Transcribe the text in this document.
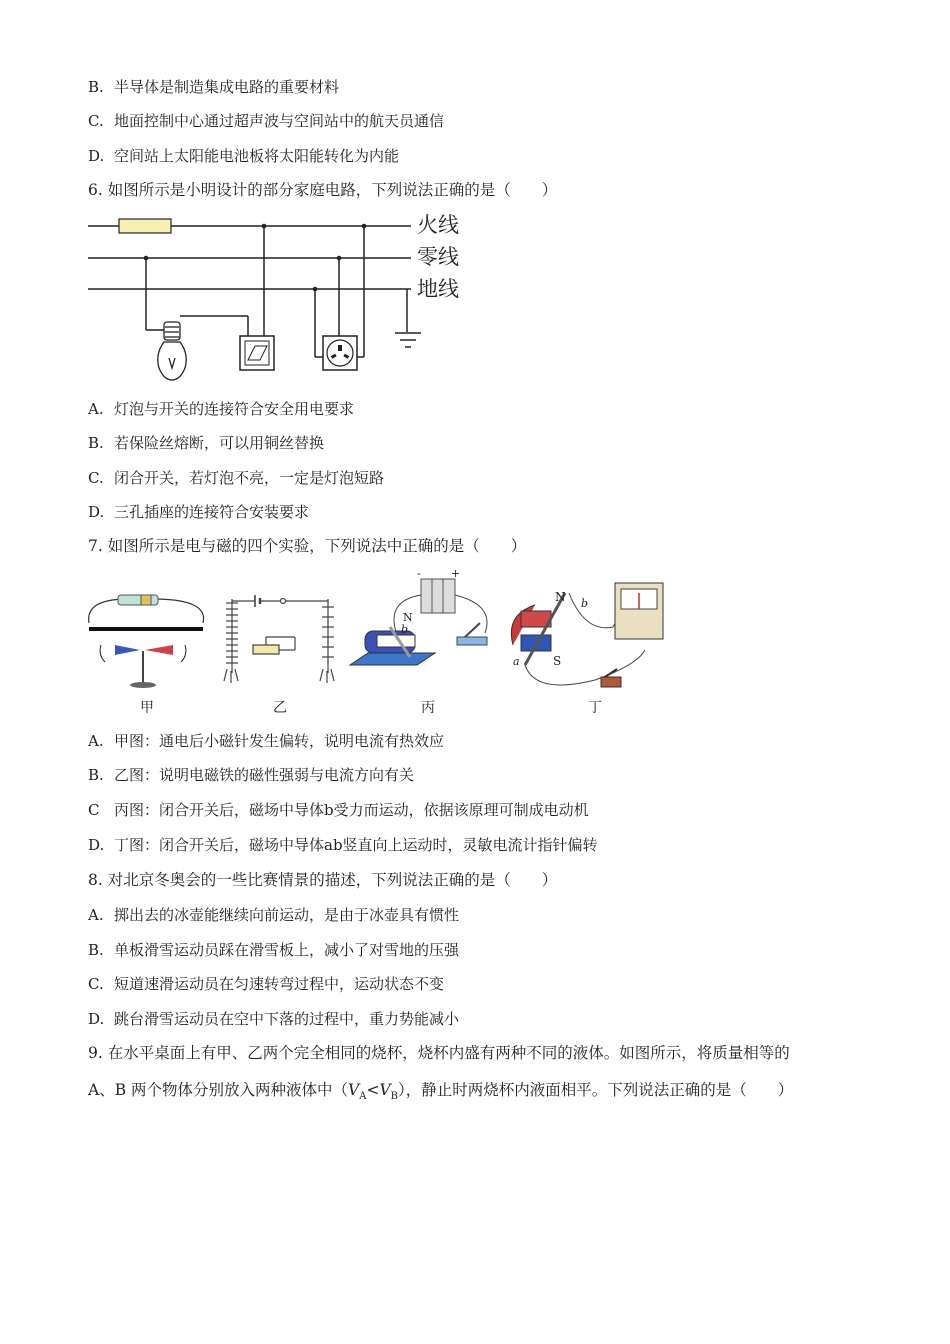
B. 半导体是制造集成电路的重要材料
C. 地面控制中心通过超声波与空间站中的航天员通信
D. 空间站上太阳能电池板将太阳能转化为内能
6. 如图所示是小明设计的部分家庭电路，下列说法正确的是（　　）
火线
零线
地线
A. 灯泡与开关的连接符合安全用电要求
B. 若保险丝熔断，可以用铜丝替换
C. 闭合开关，若灯泡不亮，一定是灯泡短路
D. 三孔插座的连接符合安装要求
7. 如图所示是电与磁的四个实验，下列说法中正确的是（　　）
b
N
-	+
N
S
b
a
甲	乙	丙	丁
A. 甲图：通电后小磁针发生偏转，说明电流有热效应
B. 乙图：说明电磁铁的磁性强弱与电流方向有关
C 丙图：闭合开关后，磁场中导体b受力而运动，依据该原理可制成电动机
D. 丁图：闭合开关后，磁场中导体ab竖直向上运动时，灵敏电流计指针偏转
8. 对北京冬奥会的一些比赛情景的描述，下列说法正确的是（　　）
A. 掷出去的冰壶能继续向前运动，是由于冰壶具有惯性
B. 单板滑雪运动员踩在滑雪板上，减小了对雪地的压强
C. 短道速滑运动员在匀速转弯过程中，运动状态不变
D. 跳台滑雪运动员在空中下落的过程中，重力势能减小
9. 在水平桌面上有甲、乙两个完全相同的烧杯，烧杯内盛有两种不同的液体。如图所示，将质量相等的
A、B 两个物体分别放入两种液体中$(V_A<V_B)$，静止时两烧杯内液面相平。下列说法正确的是（　　）
